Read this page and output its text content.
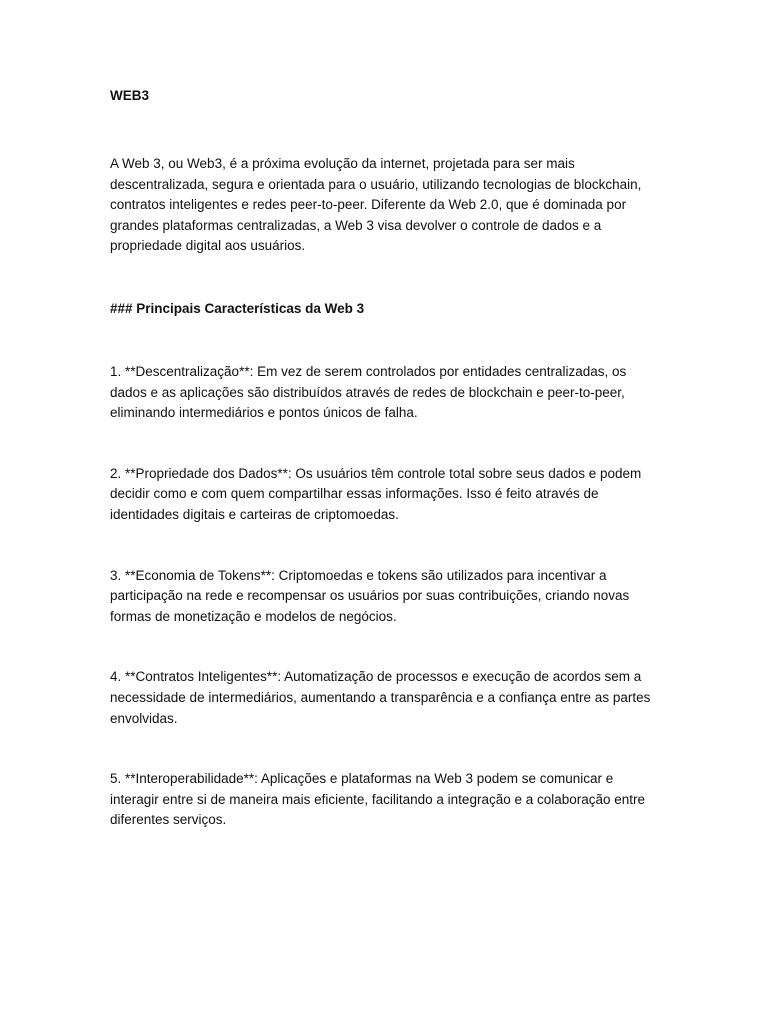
WEB3

A Web 3, ou Web3, é a próxima evolução da internet, projetada para ser mais descentralizada, segura e orientada para o usuário, utilizando tecnologias de blockchain, contratos inteligentes e redes peer-to-peer. Diferente da Web 2.0, que é dominada por grandes plataformas centralizadas, a Web 3 visa devolver o controle de dados e a propriedade digital aos usuários.

### Principais Características da Web 3

1. **Descentralização**: Em vez de serem controlados por entidades centralizadas, os dados e as aplicações são distribuídos através de redes de blockchain e peer-to-peer, eliminando intermediários e pontos únicos de falha.

2. **Propriedade dos Dados**: Os usuários têm controle total sobre seus dados e podem decidir como e com quem compartilhar essas informações. Isso é feito através de identidades digitais e carteiras de criptomoedas.

3. **Economia de Tokens**: Criptomoedas e tokens são utilizados para incentivar a participação na rede e recompensar os usuários por suas contribuições, criando novas formas de monetização e modelos de negócios.

4. **Contratos Inteligentes**: Automatização de processos e execução de acordos sem a necessidade de intermediários, aumentando a transparência e a confiança entre as partes envolvidas.

5. **Interoperabilidade**: Aplicações e plataformas na Web 3 podem se comunicar e interagir entre si de maneira mais eficiente, facilitando a integração e a colaboração entre diferentes serviços.
